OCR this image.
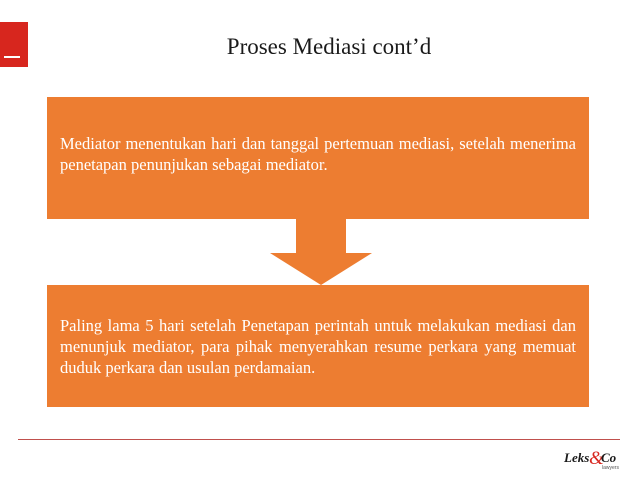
Proses Mediasi cont’d

Mediator menentukan hari dan tanggal pertemuan mediasi, setelah menerima penetapan penunjukan sebagai mediator.

Paling lama 5 hari setelah Penetapan perintah untuk melakukan mediasi dan menunjuk mediator, para pihak menyerahkan resume perkara yang memuat duduk perkara dan usulan perdamaian.

Leks &
Co
lawyers
